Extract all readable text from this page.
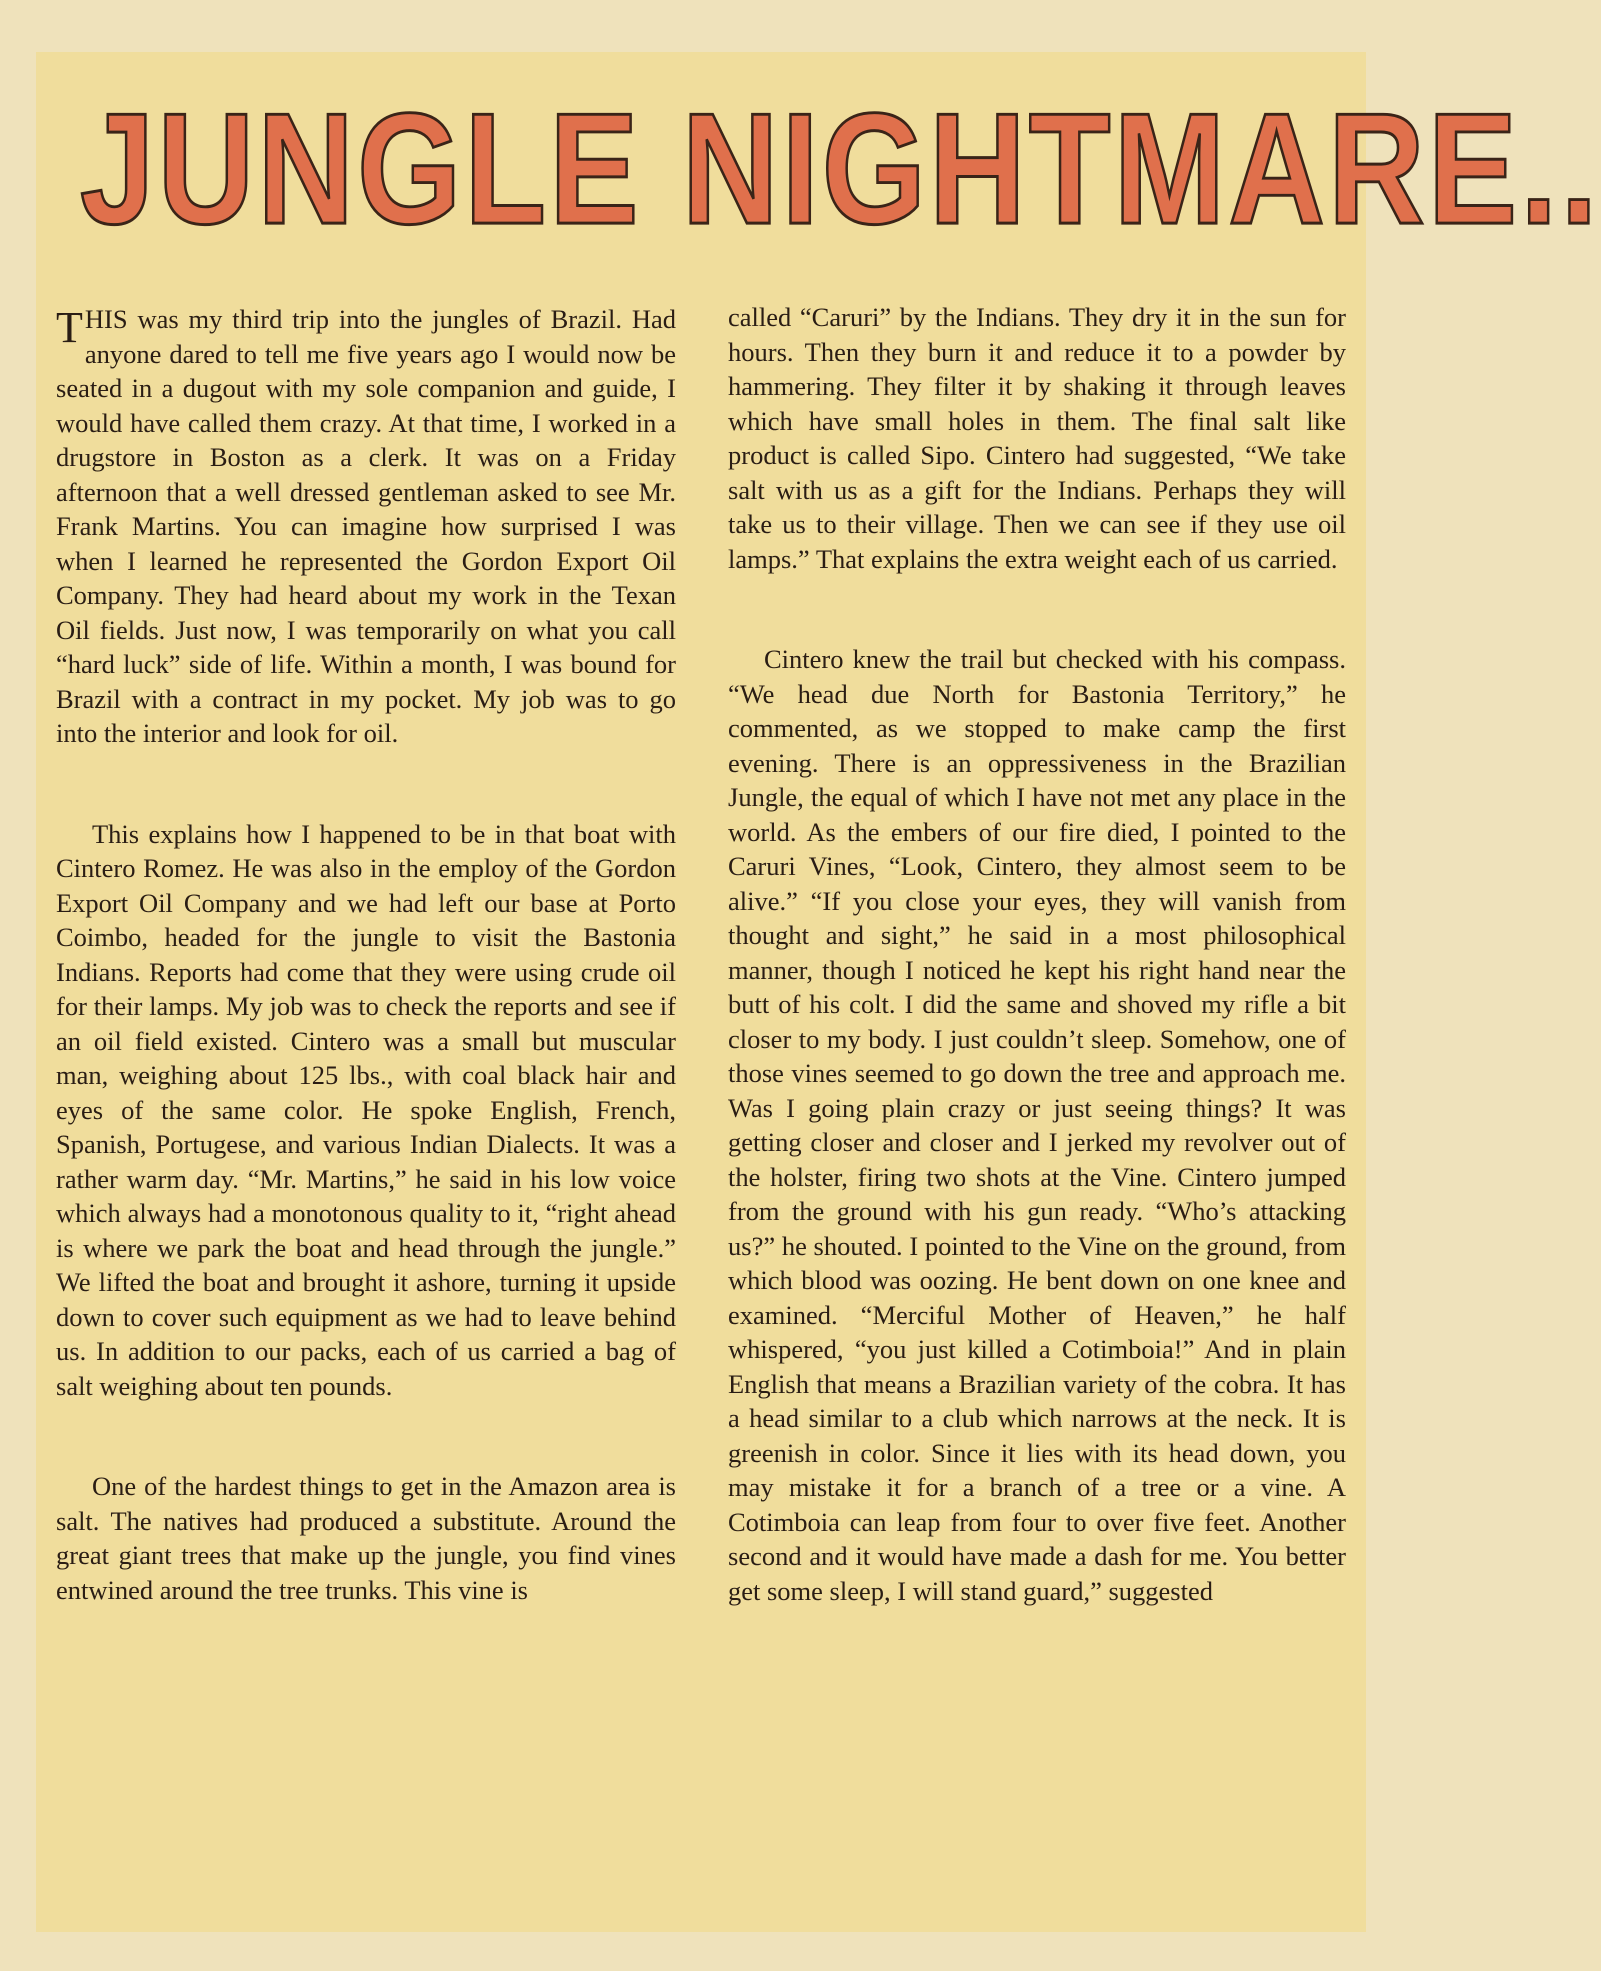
JUNGLE NIGHTMARE..

THIS was my third trip into the jungles of Brazil. Had anyone dared to tell me five years ago I would now be seated in a dugout with my sole companion and guide, I would have called them crazy. At that time, I worked in a drugstore in Boston as a clerk. It was on a Friday afternoon that a well dressed gentleman asked to see Mr. Frank Martins. You can imagine how surprised I was when I learned he represented the Gordon Export Oil Company. They had heard about my work in the Texan Oil fields. Just now, I was temporarily on what you call “hard luck” side of life. Within a month, I was bound for Brazil with a contract in my pocket. My job was to go into the interior and look for oil.

This explains how I happened to be in that boat with Cintero Romez. He was also in the employ of the Gordon Export Oil Company and we had left our base at Porto Coimbo, headed for the jungle to visit the Bastonia Indians. Reports had come that they were using crude oil for their lamps. My job was to check the reports and see if an oil field existed. Cintero was a small but muscular man, weighing about 125 lbs., with coal black hair and eyes of the same color. He spoke English, French, Spanish, Portugese, and various Indian Dialects. It was a rather warm day. “Mr. Martins,” he said in his low voice which always had a monotonous quality to it, “right ahead is where we park the boat and head through the jungle.” We lifted the boat and brought it ashore, turning it upside down to cover such equipment as we had to leave behind us. In addition to our packs, each of us carried a bag of salt weighing about ten pounds.

One of the hardest things to get in the Amazon area is salt. The natives had produced a substitute. Around the great giant trees that make up the jungle, you find vines entwined around the tree trunks. This vine is

called “Caruri” by the Indians. They dry it in the sun for hours. Then they burn it and reduce it to a powder by hammering. They filter it by shaking it through leaves which have small holes in them. The final salt like product is called Sipo. Cintero had suggested, “We take salt with us as a gift for the Indians. Perhaps they will take us to their village. Then we can see if they use oil lamps.” That explains the extra weight each of us carried.

Cintero knew the trail but checked with his compass. “We head due North for Bastonia Territory,” he commented, as we stopped to make camp the first evening. There is an oppressiveness in the Brazilian Jungle, the equal of which I have not met any place in the world. As the embers of our fire died, I pointed to the Caruri Vines, “Look, Cintero, they almost seem to be alive.” “If you close your eyes, they will vanish from thought and sight,” he said in a most philosophical manner, though I noticed he kept his right hand near the butt of his colt. I did the same and shoved my rifle a bit closer to my body. I just couldn’t sleep. Somehow, one of those vines seemed to go down the tree and approach me. Was I going plain crazy or just seeing things? It was getting closer and closer and I jerked my revolver out of the holster, firing two shots at the Vine. Cintero jumped from the ground with his gun ready. “Who’s attacking us?” he shouted. I pointed to the Vine on the ground, from which blood was oozing. He bent down on one knee and examined. “Merciful Mother of Heaven,” he half whispered, “you just killed a Cotimboia!” And in plain English that means a Brazilian variety of the cobra. It has a head similar to a club which narrows at the neck. It is greenish in color. Since it lies with its head down, you may mistake it for a branch of a tree or a vine. A Cotimboia can leap from four to over five feet. Another second and it would have made a dash for me. You better get some sleep, I will stand guard,” suggested
